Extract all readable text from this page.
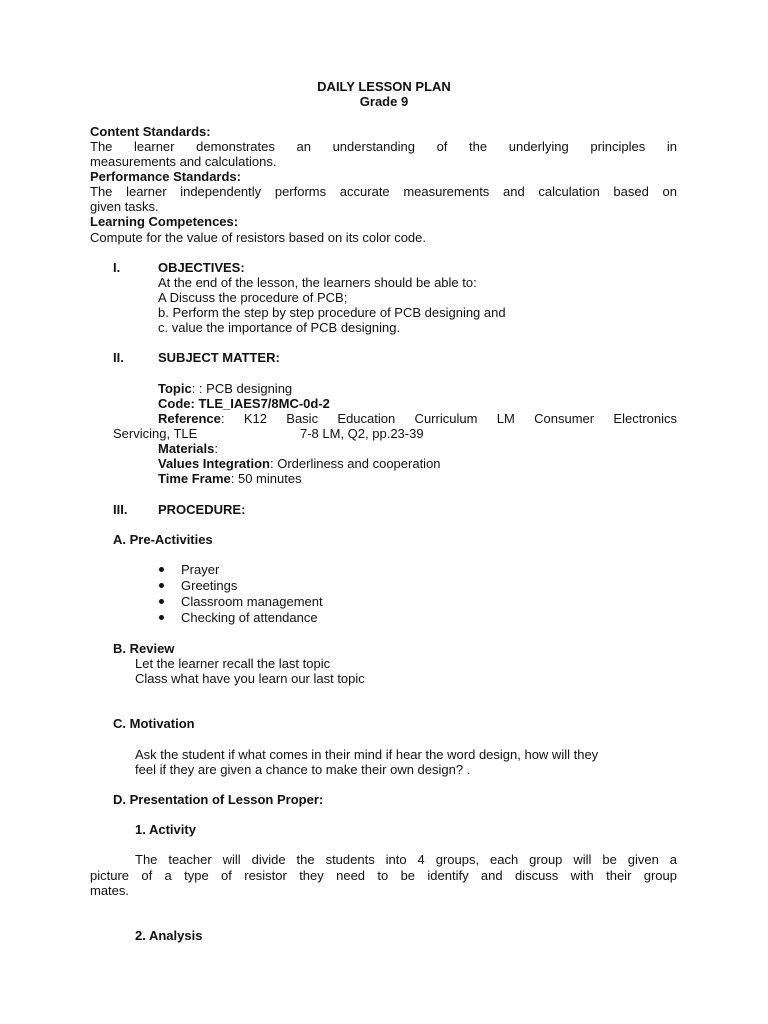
DAILY LESSON PLAN
Grade 9
Content Standards:
The learner demonstrates an understanding of the underlying principles in
measurements and calculations.
Performance Standards:
The learner independently performs accurate measurements and calculation based on
given tasks.
Learning Competences:
Compute for the value of resistors based on its color code.
I.	OBJECTIVES:
At the end of the lesson, the learners should be able to:
A Discuss the procedure of PCB;
b. Perform the step by step procedure of PCB designing and
c. value the importance of PCB designing.
II.	SUBJECT MATTER:
Topic: : PCB designing
Code: TLE_IAES7/8MC-0d-2
Reference: K12 Basic Education Curriculum LM Consumer Electronics
Servicing, TLE	7-8 LM, Q2, pp.23-39
Materials:
Values Integration: Orderliness and cooperation
Time Frame: 50 minutes
III. PROCEDURE:
A. Pre-Activities
Prayer
Greetings
Classroom management
Checking of attendance
B. Review
Let the learner recall the last topic
Class what have you learn our last topic
C. Motivation
Ask the student if what comes in their mind if hear the word design, how will they
feel if they are given a chance to make their own design? .
D. Presentation of Lesson Proper:
1. Activity
The teacher will divide the students into 4 groups, each group will be given a
picture of a type of resistor they need to be identify and discuss with their group
mates.
2. Analysis
